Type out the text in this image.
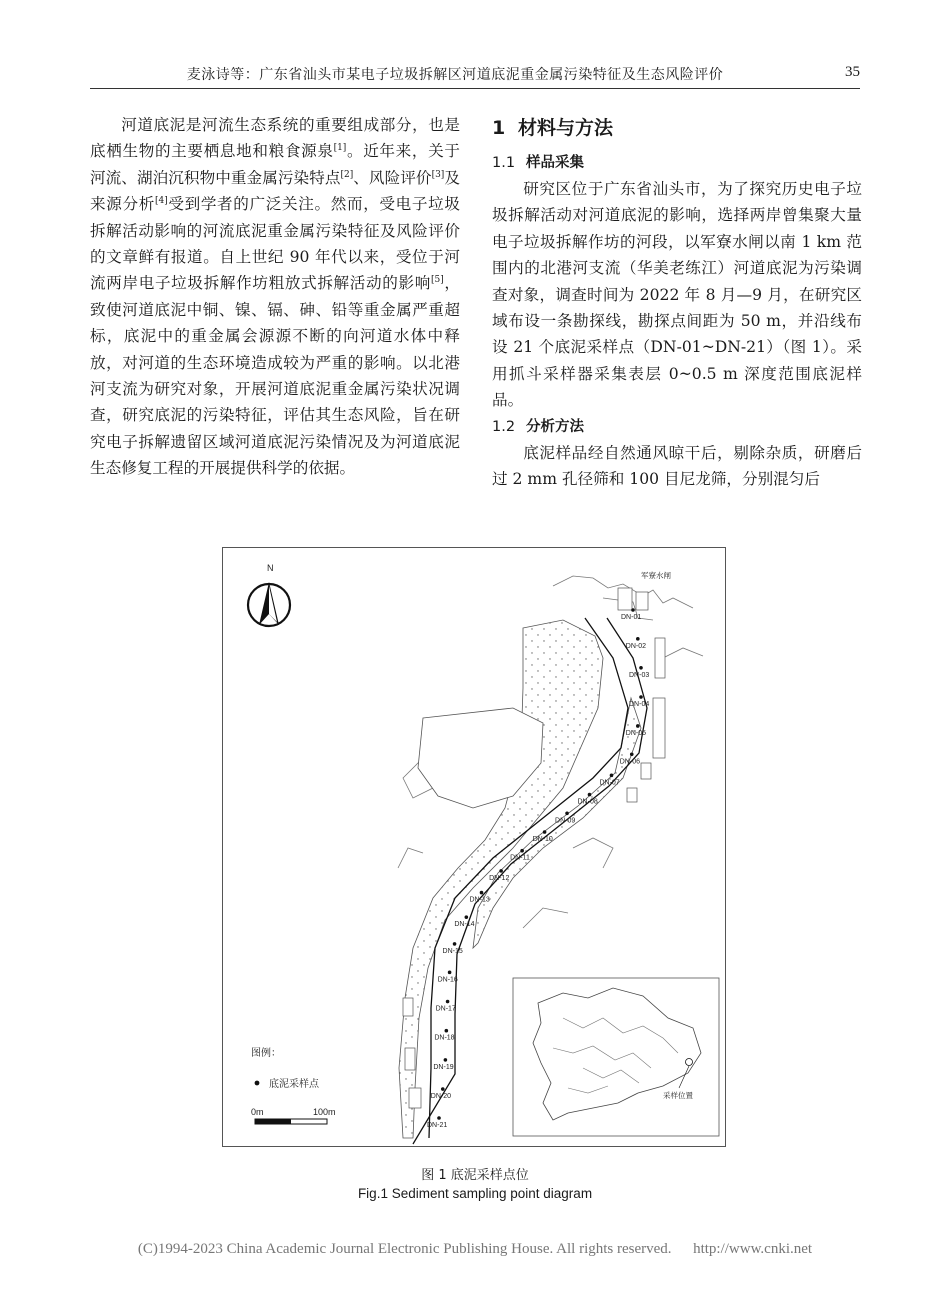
麦泳诗等：广东省汕头市某电子垃圾拆解区河道底泥重金属污染特征及生态风险评价	35

河道底泥是河流生态系统的重要组成部分，也是底栖生物的主要栖息地和粮食源泉[1]。近年来，关于河流、湖泊沉积物中重金属污染特点[2]、风险评价[3]及来源分析[4]受到学者的广泛关注。然而，受电子垃圾拆解活动影响的河流底泥重金属污染特征及风险评价的文章鲜有报道。自上世纪 90 年代以来，受位于河流两岸电子垃圾拆解作坊粗放式拆解活动的影响[5]，致使河道底泥中铜、镍、镉、砷、铅等重金属严重超标，底泥中的重金属会源源不断的向河道水体中释放，对河道的生态环境造成较为严重的影响。以北港河支流为研究对象，开展河道底泥重金属污染状况调查，研究底泥的污染特征，评估其生态风险，旨在研究电子拆解遗留区域河道底泥污染情况及为河道底泥生态修复工程的开展提供科学的依据。

1 材料与方法
1.1 样品采集

研究区位于广东省汕头市，为了探究历史电子垃圾拆解活动对河道底泥的影响，选择两岸曾集聚大量电子垃圾拆解作坊的河段，以军寮水闸以南 1 km 范围内的北港河支流（华美老练江）河道底泥为污染调查对象，调查时间为 2022 年 8 月—9 月，在研究区域布设一条勘探线，勘探点间距为 50 m，并沿线布设 21 个底泥采样点（DN-01~DN-21）（图 1）。采用抓斗采样器采集表层 0~0.5 m 深度范围底泥样品。

1.2 分析方法

底泥样品经自然通风晾干后，剔除杂质，研磨后过 2 mm 孔径筛和 100 目尼龙筛，分别混匀后

N
军寮水闸
DN-01
DN-02
DN-03
DN-04
DN-05
DN-06
DN-07
DN-08
DN-09
DN-10
DN-11
DN-12
DN-13
DN-14
DN-15
DN-16
DN-17
DN-18
DN-19
DN-20
DN-21
图例：
底泥采样点
0m	100m
采样位置
图 1 底泥采样点位
Fig.1 Sediment sampling point diagram
(C)1994-2023 China Academic Journal Electronic Publishing House. All rights reserved. http://www.cnki.net
